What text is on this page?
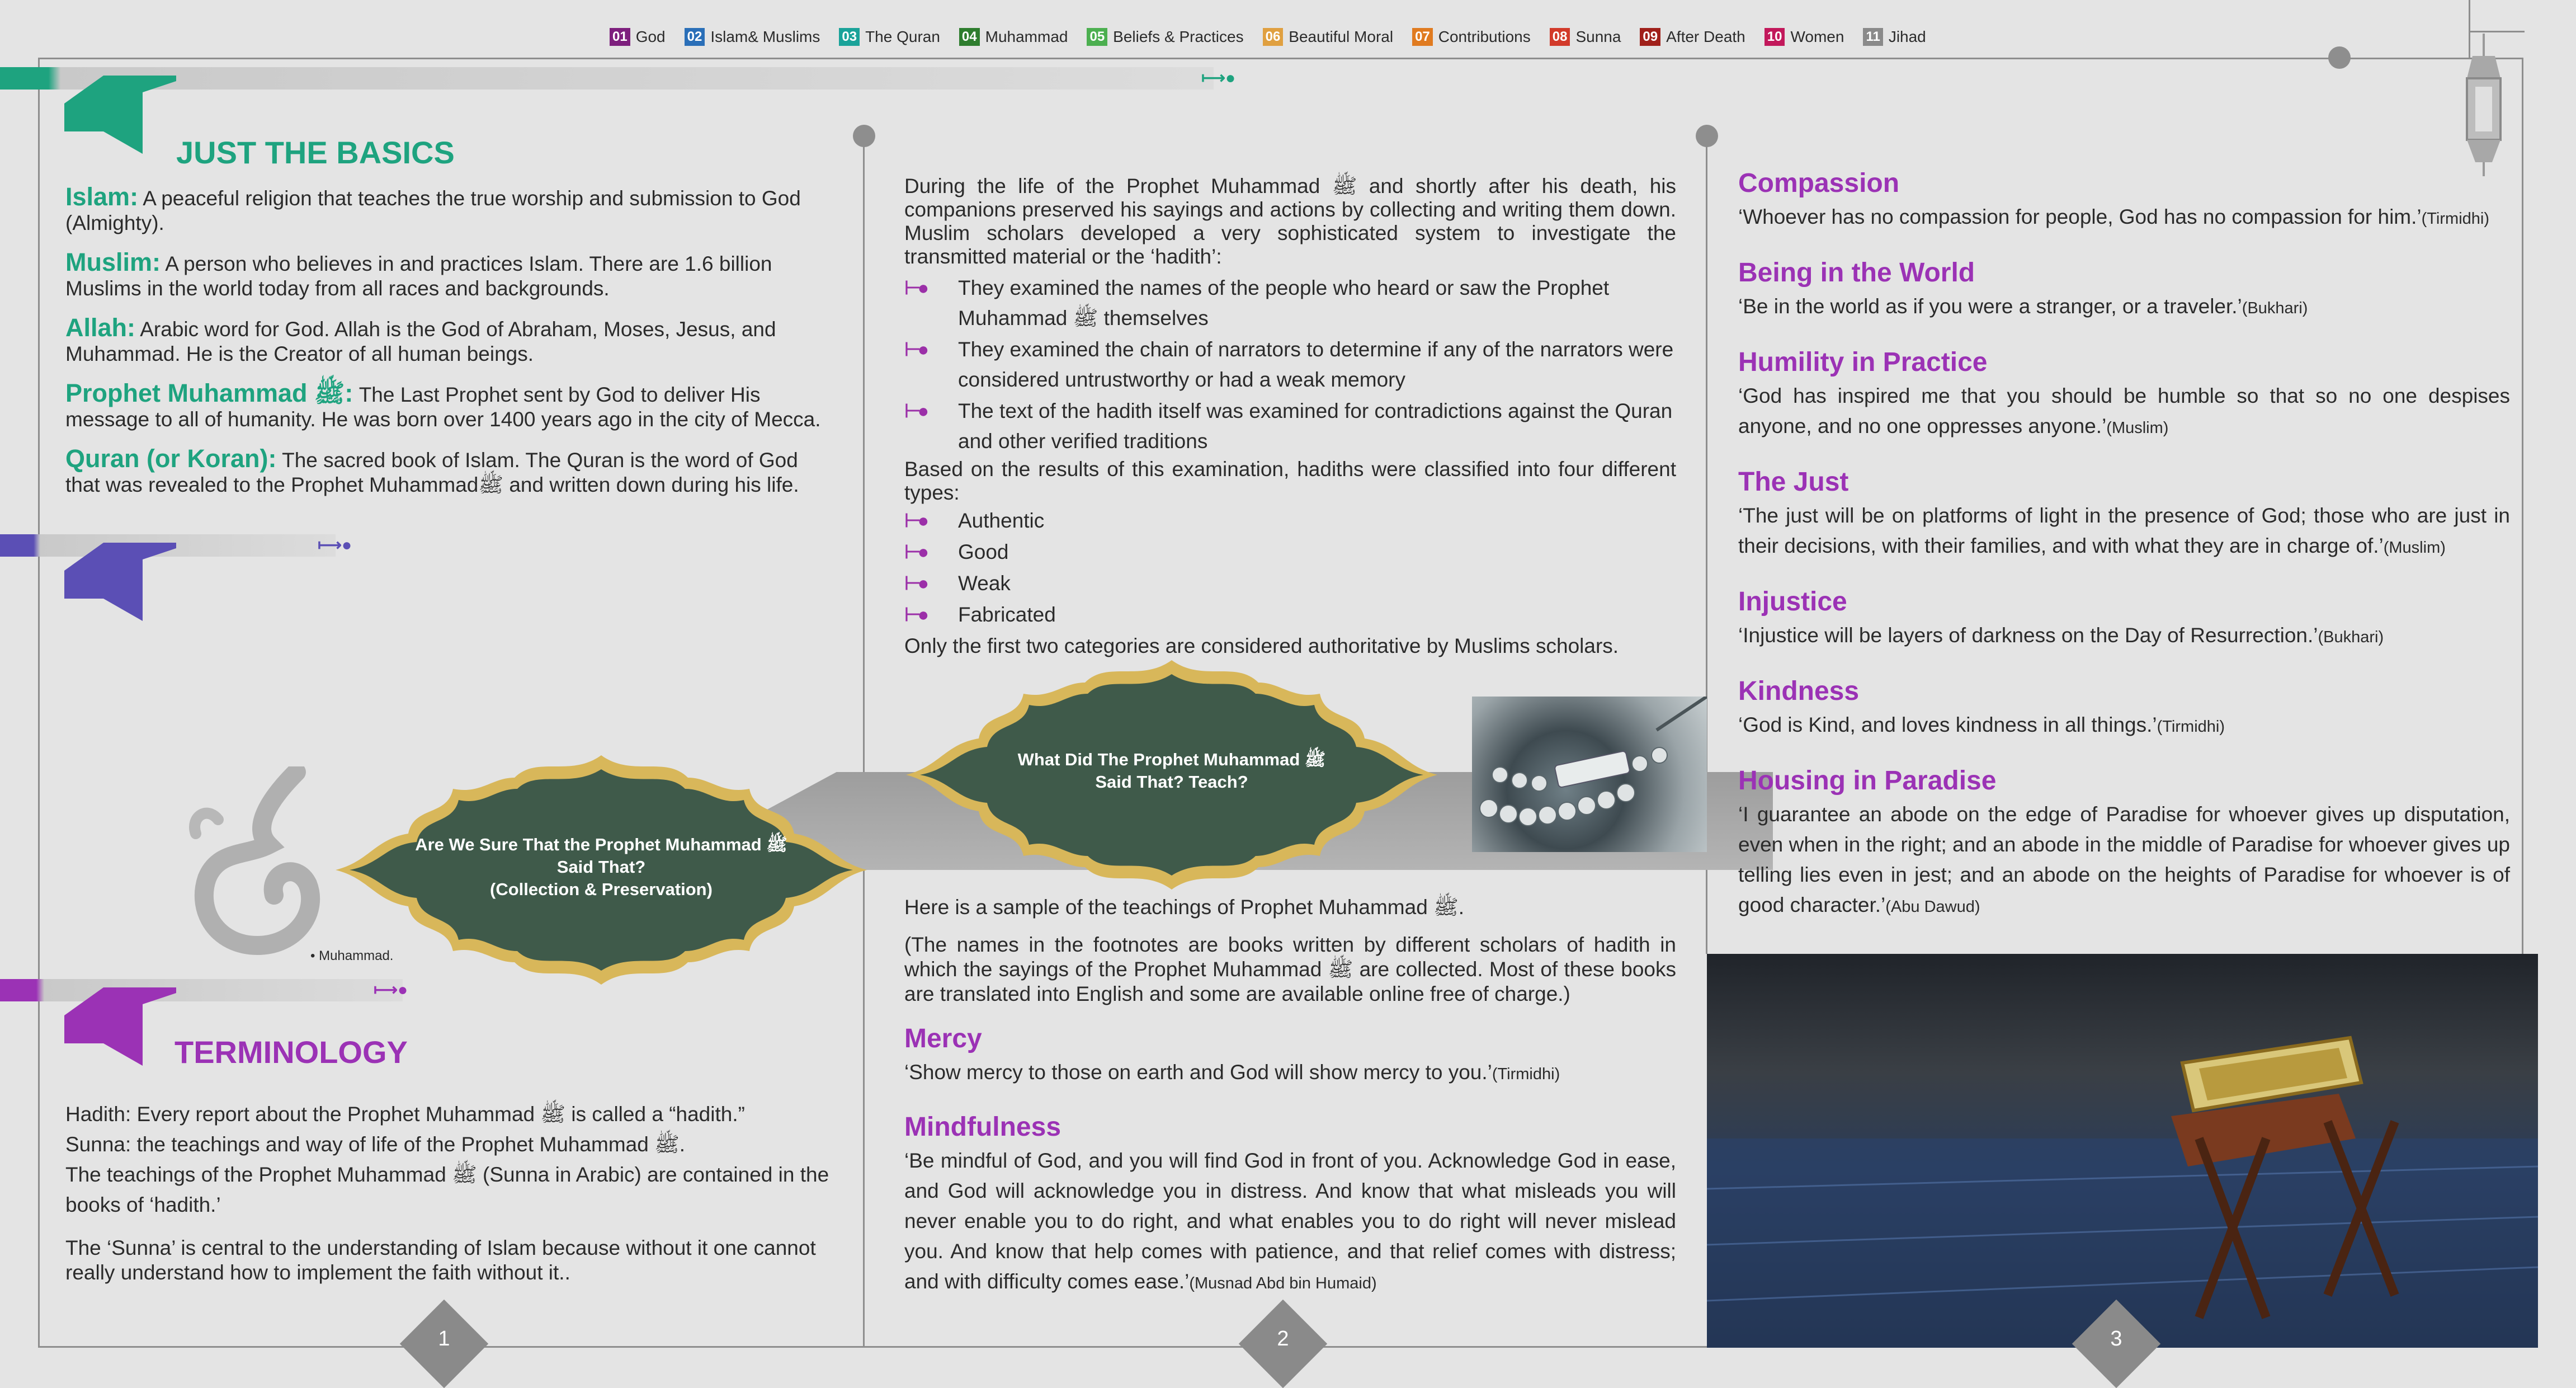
01 God 02 Islam& Muslims 03 The Quran 04 Muhammad 05 Beliefs & Practices 06 Beautiful Moral 07 Contributions 08 Sunna 09 After Death 10 Women 11 Jihad
⟼●
⟼●
⟼●
JUST THE BASICS

Islam: A peaceful religion that teaches the true worship and submission to God (Almighty).

Muslim: A person who believes in and practices Islam. There are 1.6 billion Muslims in the world today from all races and backgrounds.

Allah: Arabic word for God. Allah is the God of Abraham, Moses, Jesus, and Muhammad. He is the Creator of all human beings.

Prophet Muhammad ﷺ: The Last Prophet sent by God to deliver His message to all of humanity. He was born over 1400 years ago in the city of Mecca.

Quran (or Koran): The sacred book of Islam. The Quran is the word of God that was revealed to the Prophet Muhammadﷺ and written down during his life.

• Muhammad.
Are We Sure That the Prophet Muhammad ﷺ
Said That?
(Collection & Preservation)
TERMINOLOGY

Hadith: Every report about the Prophet Muhammad ﷺ is called a “hadith.”

Sunna: the teachings and way of life of the Prophet Muhammad ﷺ.

The teachings of the Prophet Muhammad ﷺ (Sunna in Arabic) are contained in the books of ‘hadith.’

The ‘Sunna’ is central to the understanding of Islam because without it one cannot really understand how to implement the faith without it..

During the life of the Prophet Muhammad ﷺ and shortly after his death, his companions preserved his sayings and actions by collecting and writing them down. Muslim scholars developed a very sophisticated system to investigate the transmitted material or the ‘hadith’:

⊢●	They examined the names of the people who heard or saw the Prophet Muhammad ﷺ themselves
⊢●	They examined the chain of narrators to determine if any of the narrators were considered untrustworthy or had a weak memory
⊢●	The text of the hadith itself was examined for contradictions against the Quran and other verified traditions

Based on the results of this examination, hadiths were classified into four different types:

⊢●	Authentic
⊢●	Good
⊢●	Weak
⊢●	Fabricated

Only the first two categories are considered authoritative by Muslims scholars.

What Did The Prophet Muhammad ﷺ
Said That? Teach?

Here is a sample of the teachings of Prophet Muhammad ﷺ.

(The names in the footnotes are books written by different scholars of hadith in which the sayings of the Prophet Muhammad ﷺ are collected. Most of these books are translated into English and some are available online free of charge.)

Mercy

‘Show mercy to those on earth and God will show mercy to you.’(Tirmidhi)

Mindfulness

‘Be mindful of God, and you will find God in front of you. Acknowledge God in ease, and God will acknowledge you in distress. And know that what misleads you will never enable you to do right, and what enables you to do right will never mislead you. And know that help comes with patience, and that relief comes with distress; and with difficulty comes ease.’(Musnad Abd bin Humaid)

Compassion

‘Whoever has no compassion for people, God has no compassion for him.’(Tirmidhi)

Being in the World

‘Be in the world as if you were a stranger, or a traveler.’(Bukhari)

Humility in Practice

‘God has inspired me that you should be humble so that so no one despises anyone, and no one oppresses anyone.’(Muslim)

The Just

‘The just will be on platforms of light in the presence of God; those who are just in their decisions, with their families, and with what they are in charge of.’(Muslim)

Injustice

‘Injustice will be layers of darkness on the Day of Resurrection.’(Bukhari)

Kindness

‘God is Kind, and loves kindness in all things.’(Tirmidhi)

Housing in Paradise

‘I guarantee an abode on the edge of Paradise for whoever gives up disputation, even when in the right; and an abode in the middle of Paradise for whoever gives up telling lies even in jest; and an abode on the heights of Paradise for whoever is of good character.’(Abu Dawud)

1	2	3
